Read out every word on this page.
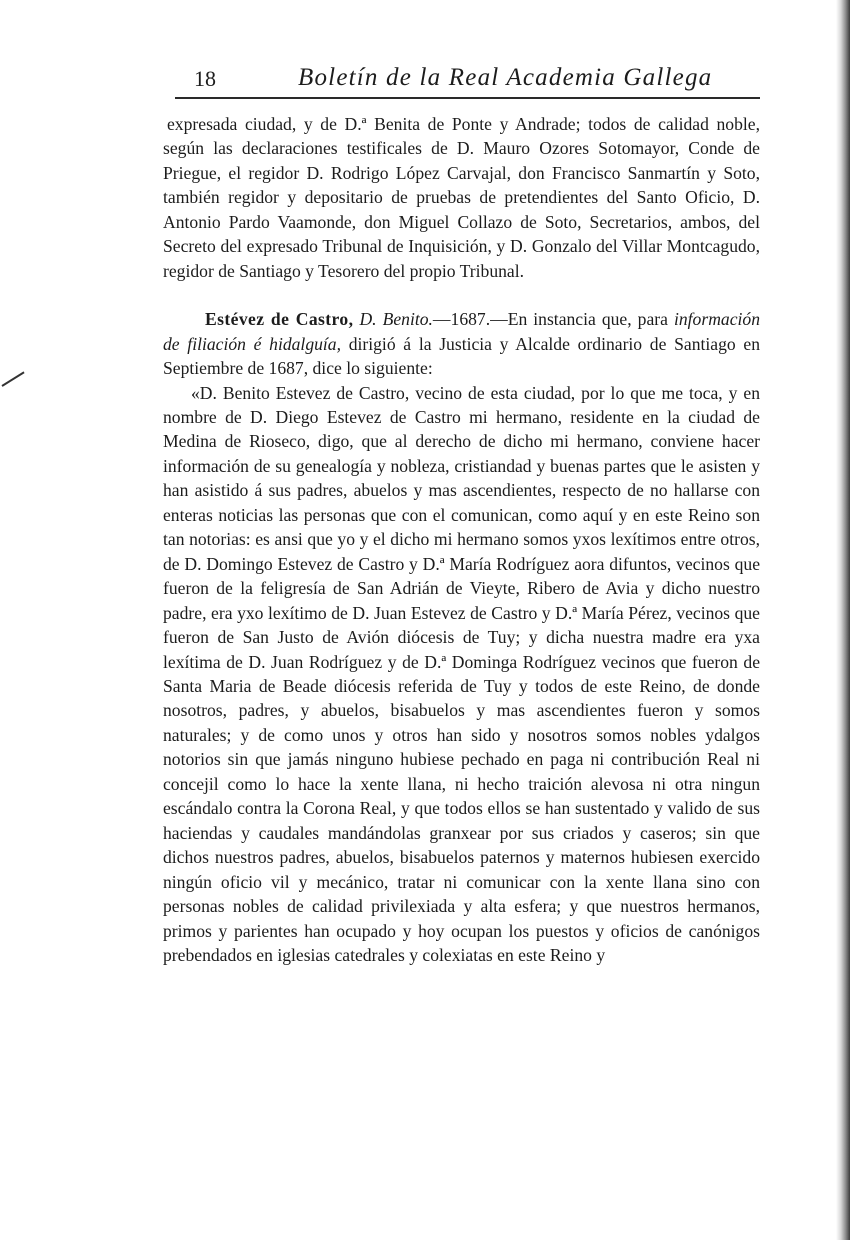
18	Boletín de la Real Academia Gallega

expresada ciudad, y de D.ª Benita de Ponte y Andrade; todos de calidad noble, según las declaraciones testificales de D. Mauro Ozores Sotomayor, Conde de Priegue, el regidor D. Rodrigo López Carvajal, don Francisco Sanmartín y Soto, también regidor y depositario de pruebas de pretendientes del Santo Oficio, D. Antonio Pardo Vaamonde, don Miguel Collazo de Soto, Secretarios, ambos, del Secreto del expresado Tribunal de Inquisición, y D. Gonzalo del Villar Montcagudo, regidor de Santiago y Tesorero del propio Tribunal.

Estévez de Castro, D. Benito.—1687.—En instancia que, para información de filiación é hidalguía, dirigió á la Justicia y Alcalde ordinario de Santiago en Septiembre de 1687, dice lo siguiente:

«D. Benito Estevez de Castro, vecino de esta ciudad, por lo que me toca, y en nombre de D. Diego Estevez de Castro mi hermano, residente en la ciudad de Medina de Rioseco, digo, que al derecho de dicho mi hermano, conviene hacer información de su genealogía y nobleza, cristiandad y buenas partes que le asisten y han asistido á sus padres, abuelos y mas ascendientes, respecto de no hallarse con enteras noticias las personas que con el comunican, como aquí y en este Reino son tan notorias: es ansi que yo y el dicho mi hermano somos yxos lexítimos entre otros, de D. Domingo Estevez de Castro y D.ª María Rodríguez aora difuntos, vecinos que fueron de la feligresía de San Adrián de Vieyte, Ribero de Avia y dicho nuestro padre, era yxo lexítimo de D. Juan Estevez de Castro y D.ª María Pérez, vecinos que fueron de San Justo de Avión diócesis de Tuy; y dicha nuestra madre era yxa lexítima de D. Juan Rodríguez y de D.ª Dominga Rodríguez vecinos que fueron de Santa Maria de Beade diócesis referida de Tuy y todos de este Reino, de donde nosotros, padres, y abuelos, bisabuelos y mas ascendientes fueron y somos naturales; y de como unos y otros han sido y nosotros somos nobles ydalgos notorios sin que jamás ninguno hubiese pechado en paga ni contribución Real ni concejil como lo hace la xente llana, ni hecho traición alevosa ni otra ningun escándalo contra la Corona Real, y que todos ellos se han sustentado y valido de sus haciendas y caudales mandándolas granxear por sus criados y caseros; sin que dichos nuestros padres, abuelos, bisabuelos paternos y maternos hubiesen exercido ningún oficio vil y mecánico, tratar ni comunicar con la xente llana sino con personas nobles de calidad privilexiada y alta esfera; y que nuestros hermanos, primos y parientes han ocupado y hoy ocupan los puestos y oficios de canónigos prebendados en iglesias catedrales y colexiatas en este Reino y
